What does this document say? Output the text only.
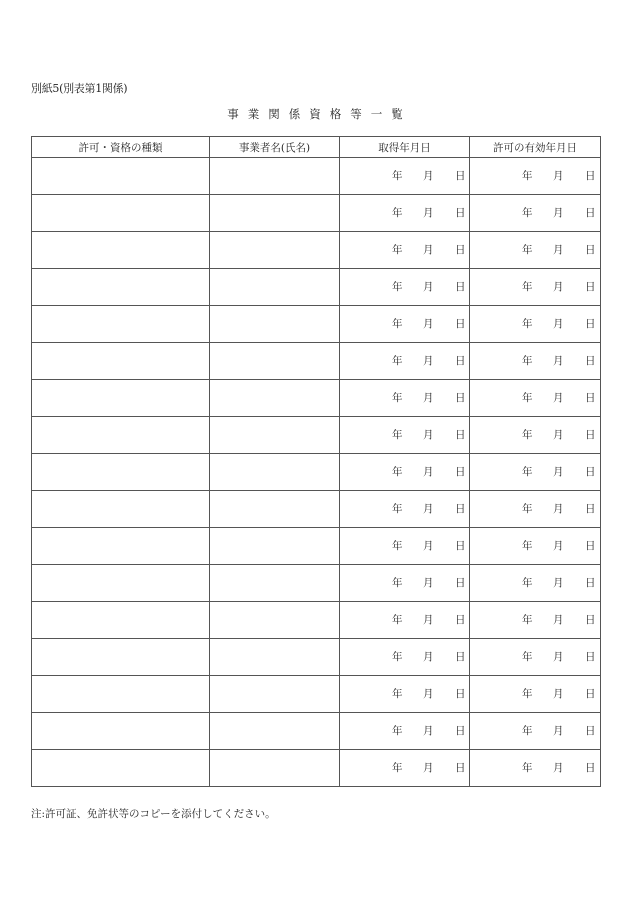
別紙5(別表第1関係)
事業関係資格等一覧
許可・資格の種類	事業者名(氏名)	取得年月日	許可の有効年月日

		年 月 日	年 月 日

		年 月 日	年 月 日

		年 月 日	年 月 日

		年 月 日	年 月 日

		年 月 日	年 月 日

		年 月 日	年 月 日

		年 月 日	年 月 日

		年 月 日	年 月 日

		年 月 日	年 月 日

		年 月 日	年 月 日

		年 月 日	年 月 日

		年 月 日	年 月 日

		年 月 日	年 月 日

		年 月 日	年 月 日

		年 月 日	年 月 日

		年 月 日	年 月 日

		年 月 日	年 月 日
注:許可証、免許状等のコピーを添付してください。
